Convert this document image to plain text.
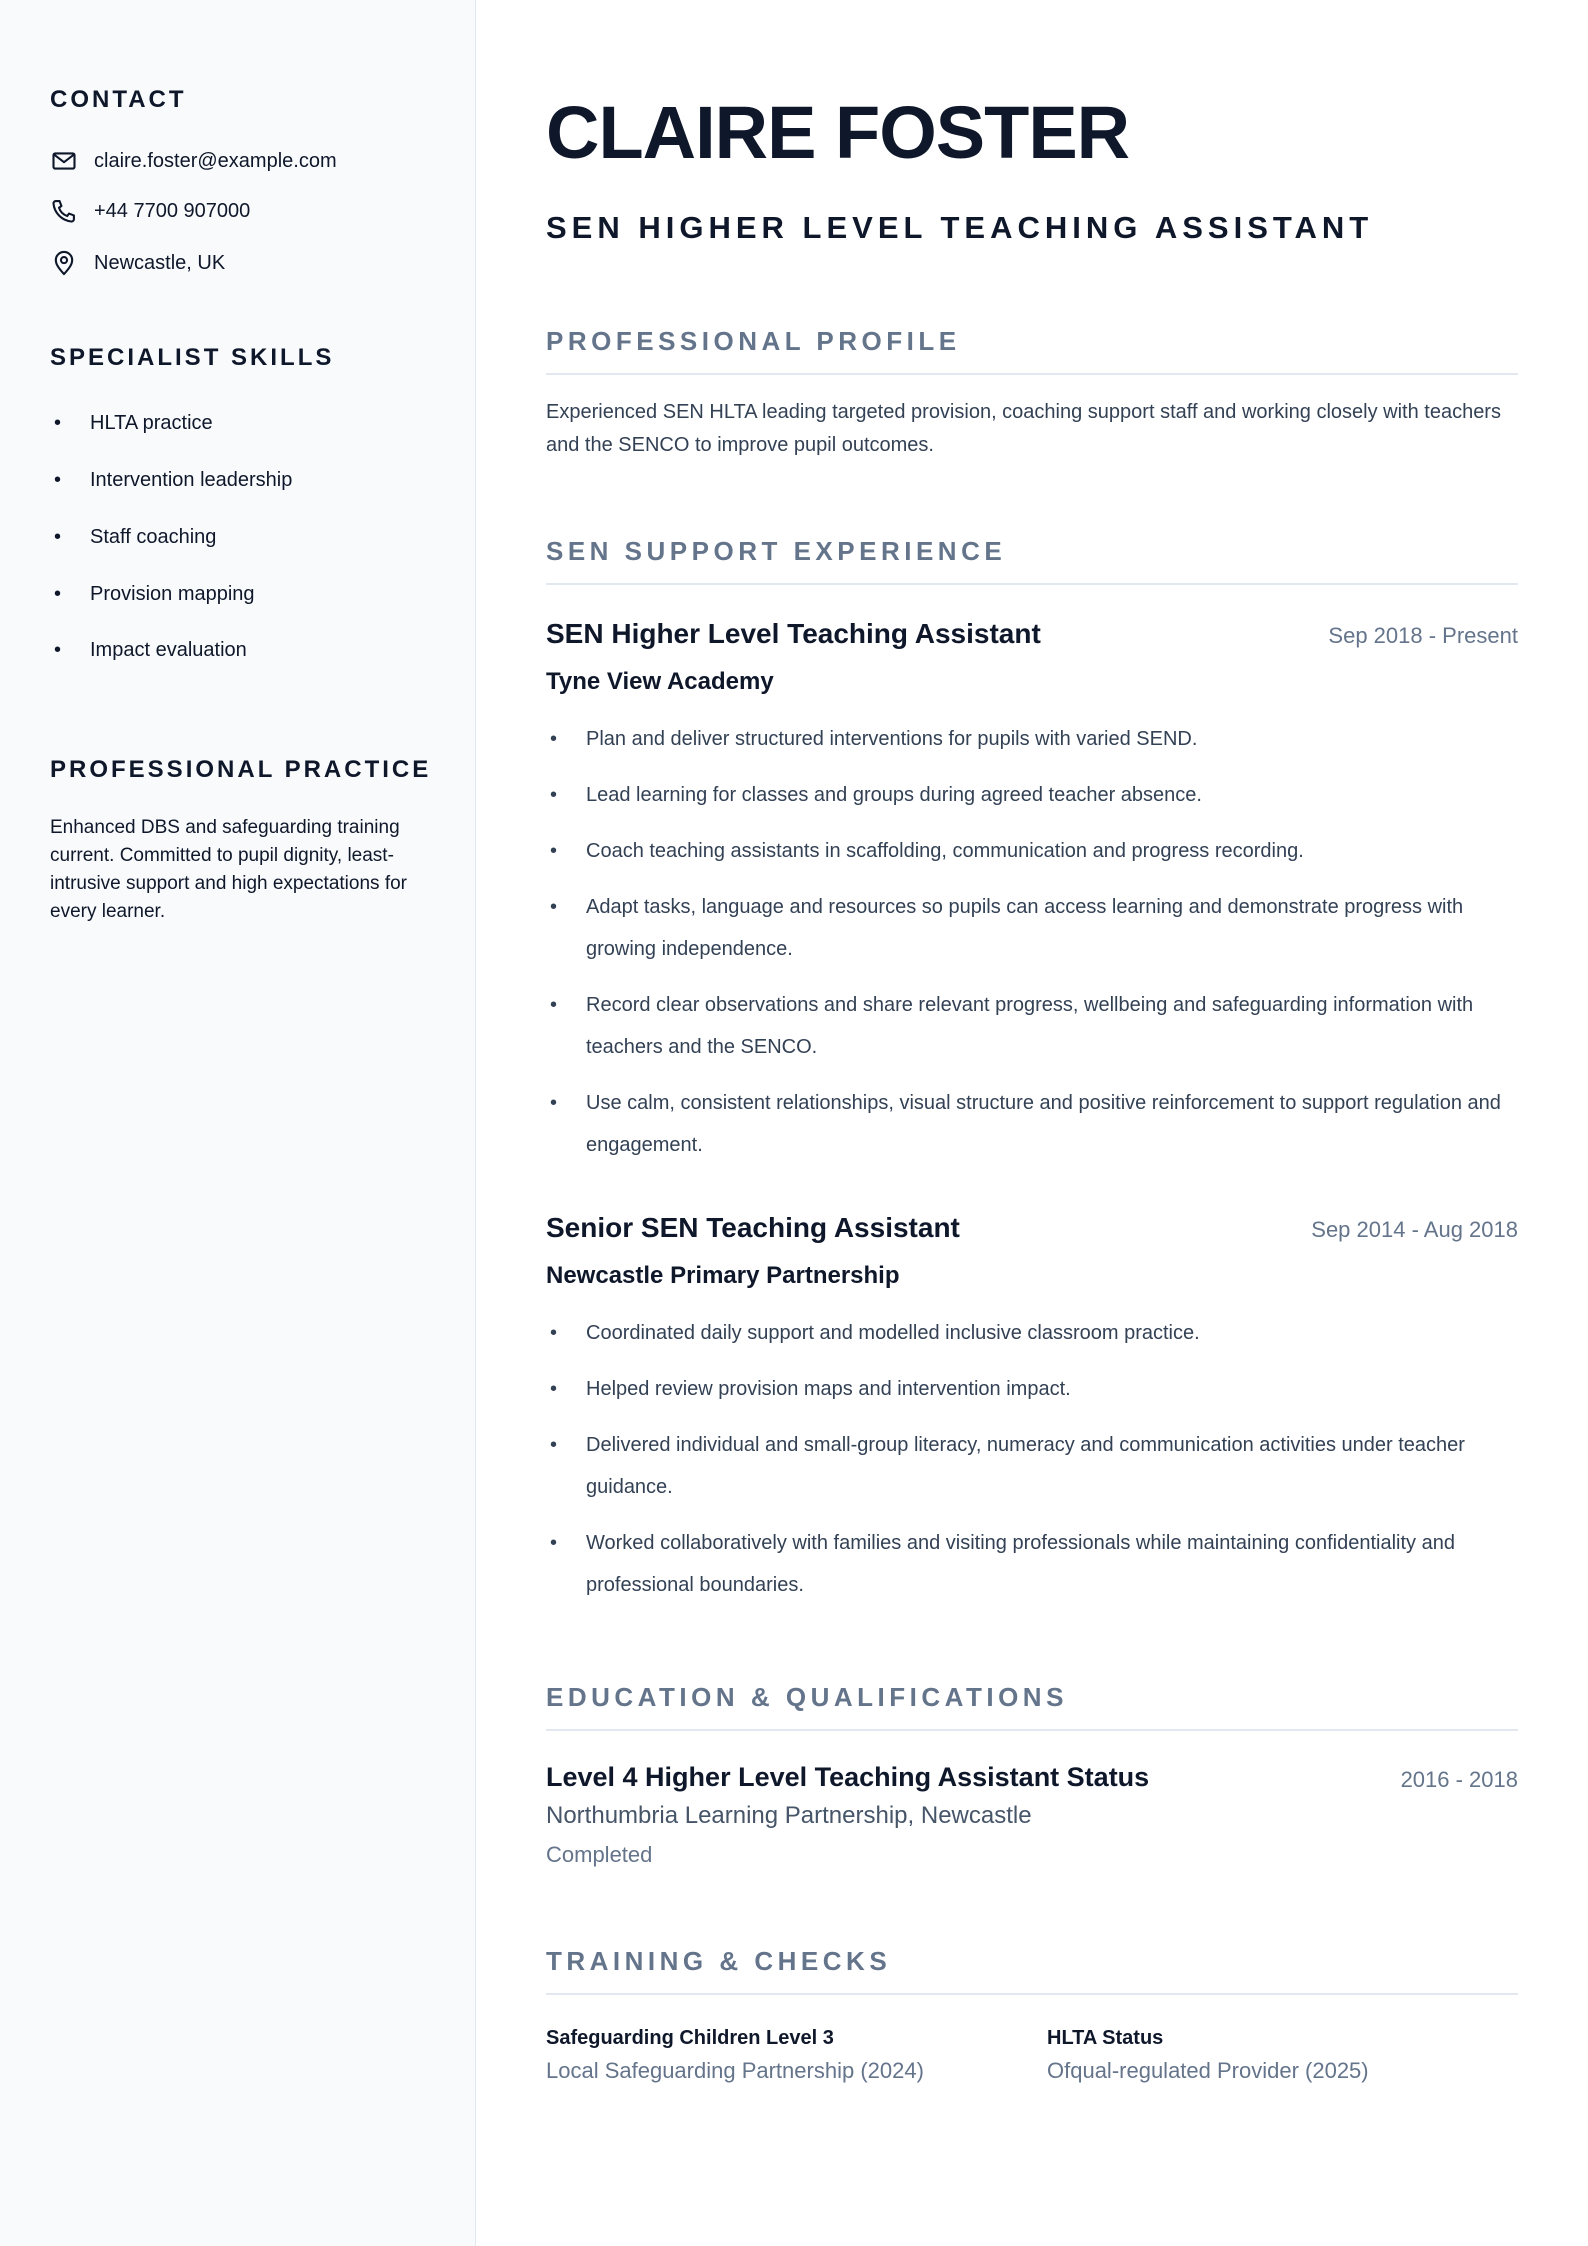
CONTACT
claire.foster@example.com
+44 7700 907000
Newcastle, UK
SPECIALIST SKILLS
•	HLTA practice
•	Intervention leadership
•	Staff coaching
•	Provision mapping
•	Impact evaluation
PROFESSIONAL PRACTICE

Enhanced DBS and safeguarding training current. Committed to pupil dignity, least-intrusive support and high expectations for every learner.

CLAIRE FOSTER
SEN HIGHER LEVEL TEACHING ASSISTANT
PROFESSIONAL PROFILE

Experienced SEN HLTA leading targeted provision, coaching support staff and working closely with teachers and the SENCO to improve pupil outcomes.

SEN SUPPORT EXPERIENCE
SEN Higher Level Teaching Assistant	Sep 2018 - Present
Tyne View Academy
• Plan and deliver structured interventions for pupils with varied SEND.
• Lead learning for classes and groups during agreed teacher absence.
• Coach teaching assistants in scaffolding, communication and progress recording.
• Adapt tasks, language and resources so pupils can access learning and demonstrate progress with growing independence.
• Record clear observations and share relevant progress, wellbeing and safeguarding information with teachers and the SENCO.
• Use calm, consistent relationships, visual structure and positive reinforcement to support regulation and engagement.
Senior SEN Teaching Assistant	Sep 2014 - Aug 2018
Newcastle Primary Partnership
• Coordinated daily support and modelled inclusive classroom practice.
• Helped review provision maps and intervention impact.
• Delivered individual and small-group literacy, numeracy and communication activities under teacher guidance.
• Worked collaboratively with families and visiting professionals while maintaining confidentiality and professional boundaries.
EDUCATION & QUALIFICATIONS
Level 4 Higher Level Teaching Assistant Status	2016 - 2018
Northumbria Learning Partnership, Newcastle
Completed
TRAINING & CHECKS
Safeguarding Children Level 3
Local Safeguarding Partnership (2024)
HLTA Status
Ofqual-regulated Provider (2025)
